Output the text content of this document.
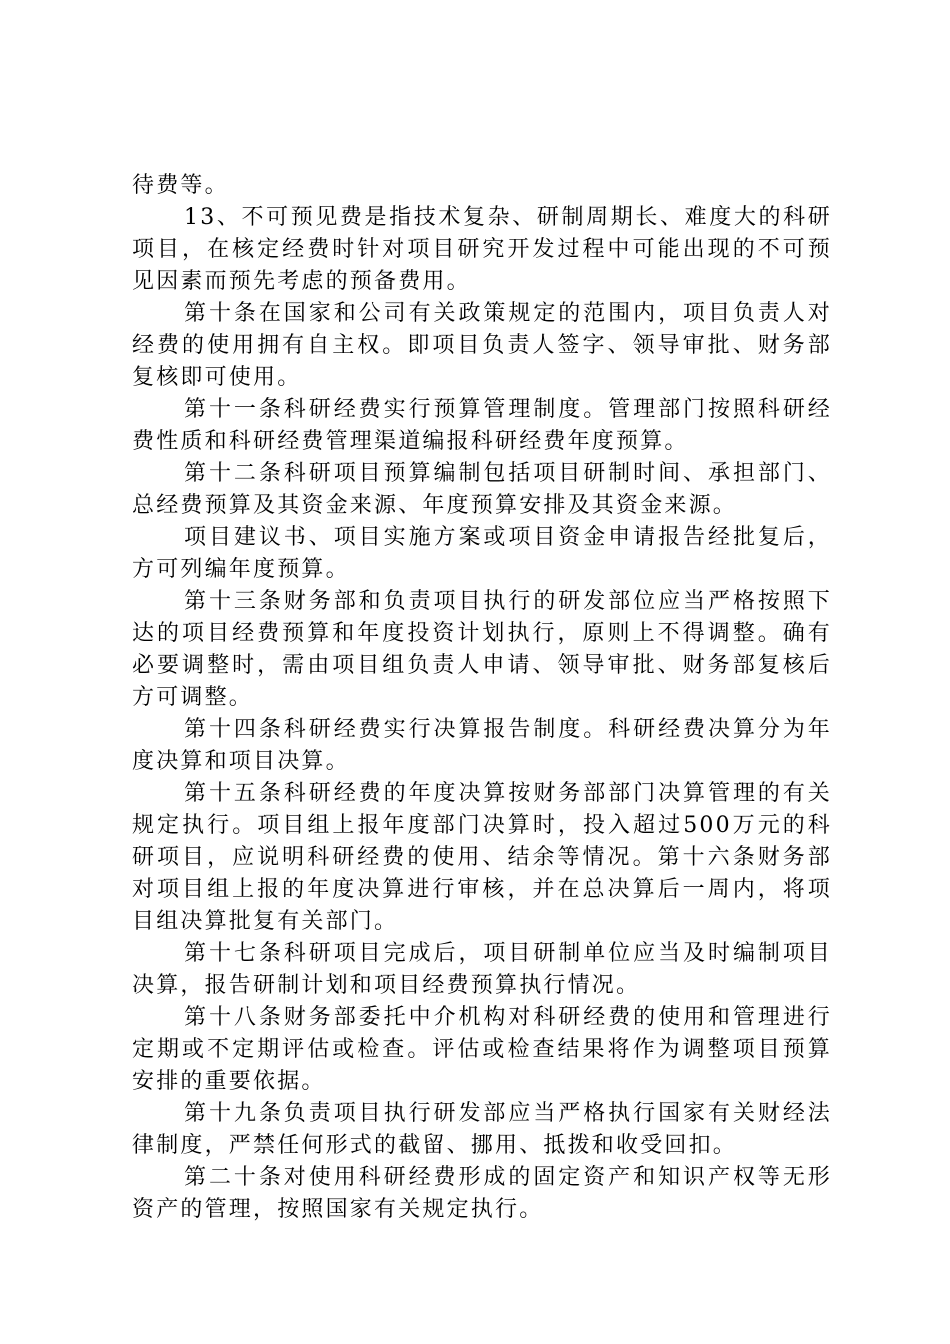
待费等。

13、不可预见费是指技术复杂、研制周期长、难度大的科研项目，在核定经费时针对项目研究开发过程中可能出现的不可预见因素而预先考虑的预备费用。

第十条在国家和公司有关政策规定的范围内，项目负责人对经费的使用拥有自主权。即项目负责人签字、领导审批、财务部复核即可使用。

第十一条科研经费实行预算管理制度。管理部门按照科研经费性质和科研经费管理渠道编报科研经费年度预算。

第十二条科研项目预算编制包括项目研制时间、承担部门、总经费预算及其资金来源、年度预算安排及其资金来源。

项目建议书、项目实施方案或项目资金申请报告经批复后，方可列编年度预算。

第十三条财务部和负责项目执行的研发部位应当严格按照下达的项目经费预算和年度投资计划执行，原则上不得调整。确有必要调整时，需由项目组负责人申请、领导审批、财务部复核后方可调整。

第十四条科研经费实行决算报告制度。科研经费决算分为年度决算和项目决算。

第十五条科研经费的年度决算按财务部部门决算管理的有关规定执行。项目组上报年度部门决算时，投入超过500万元的科研项目，应说明科研经费的使用、结余等情况。第十六条财务部对项目组上报的年度决算进行审核，并在总决算后一周内，将项目组决算批复有关部门。

第十七条科研项目完成后，项目研制单位应当及时编制项目决算，报告研制计划和项目经费预算执行情况。

第十八条财务部委托中介机构对科研经费的使用和管理进行定期或不定期评估或检查。评估或检查结果将作为调整项目预算安排的重要依据。

第十九条负责项目执行研发部应当严格执行国家有关财经法律制度，严禁任何形式的截留、挪用、抵拨和收受回扣。

第二十条对使用科研经费形成的固定资产和知识产权等无形资产的管理，按照国家有关规定执行。
